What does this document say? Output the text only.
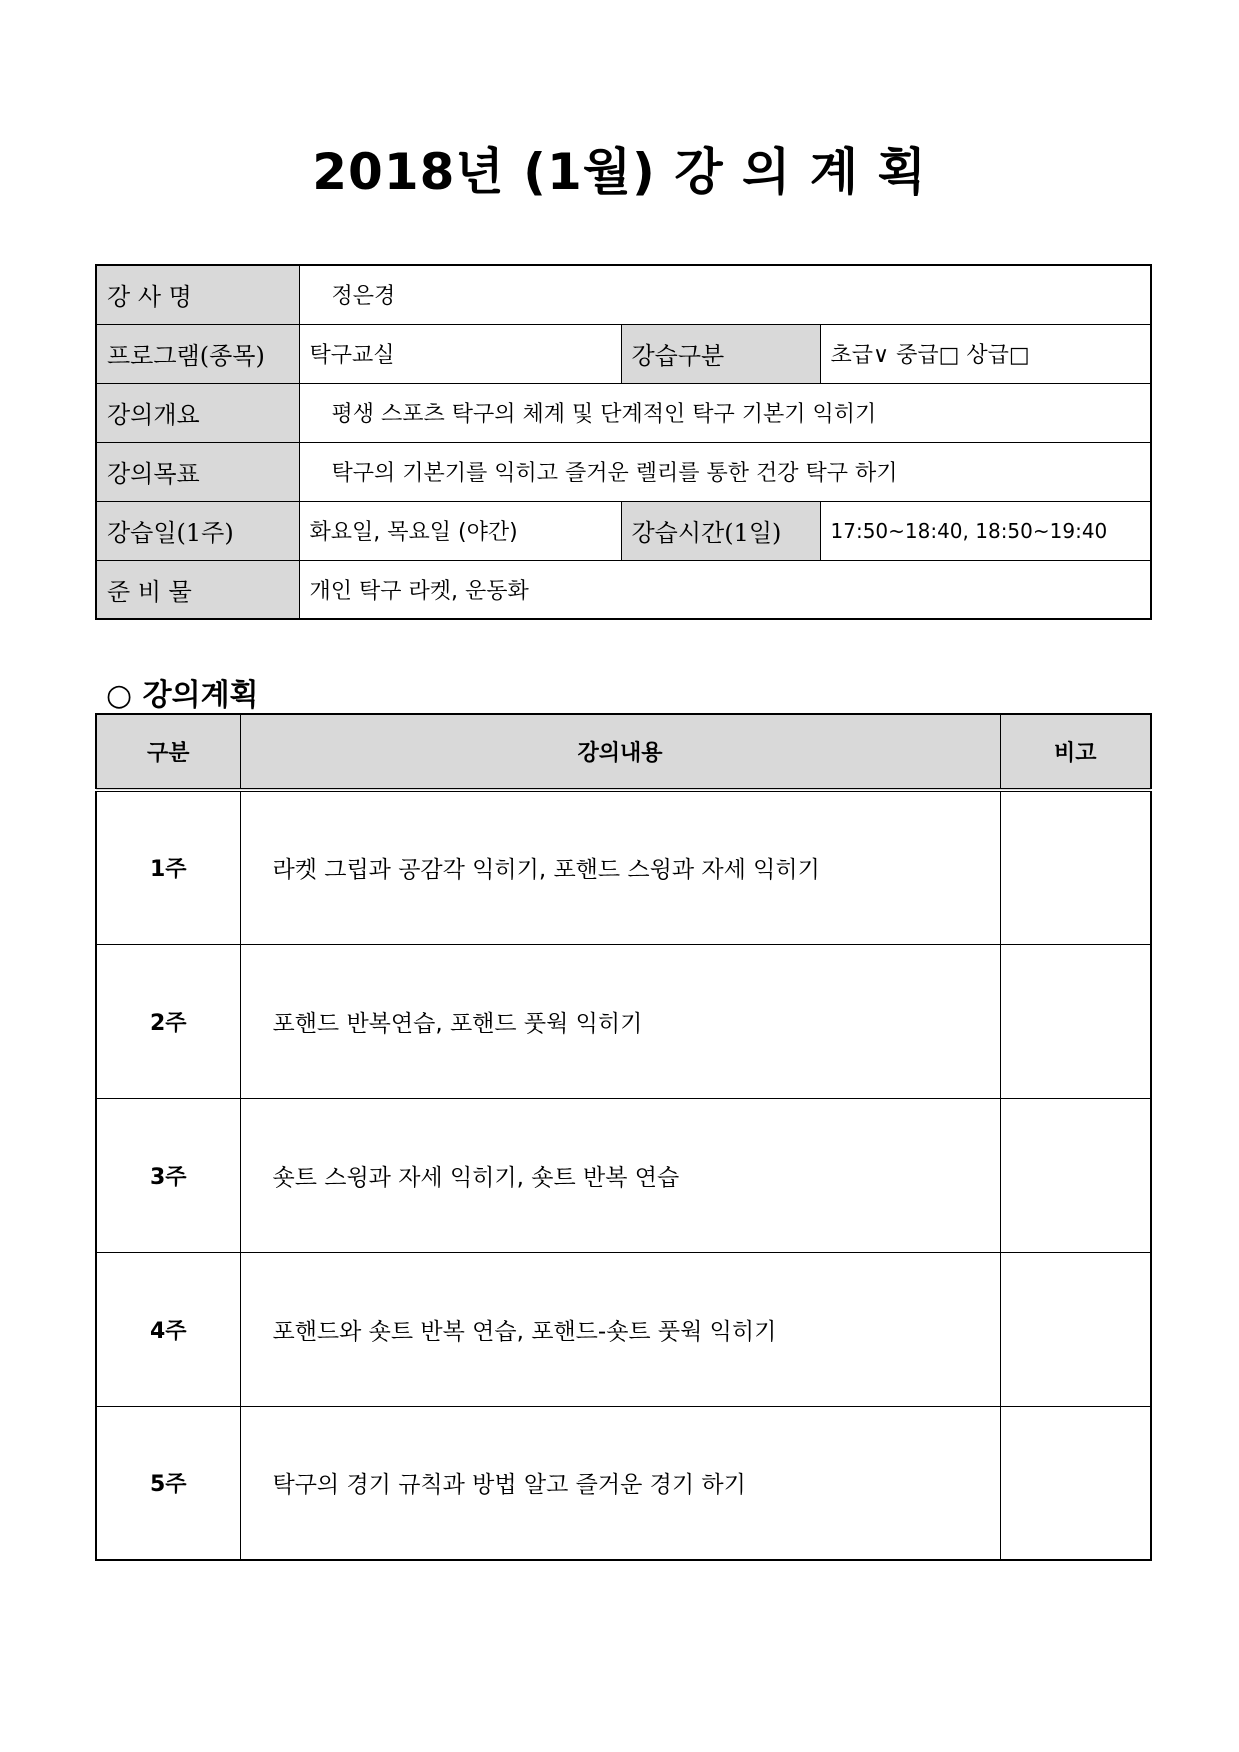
2018년 (1월) 강 의 계 획
강 사 명	정은경		
프로그램(종목)	탁구교실	강습구분	초급∨ 중급□ 상급□
강의개요	평생 스포츠 탁구의 체계 및 단계적인 탁구 기본기 익히기		
강의목표	탁구의 기본기를 익히고 즐거운 렐리를 통한 건강 탁구 하기		
강습일(1주)	화요일, 목요일 (야간)	강습시간(1일)	17:50~18:40, 18:50~19:40
준 비 물	개인 탁구 라켓, 운동화		
○ 강의계획
구분	강의내용	비고
1주	라켓 그립과 공감각 익히기, 포핸드 스윙과 자세 익히기	
2주	포핸드 반복연습, 포핸드 풋웍 익히기	
3주	숏트 스윙과 자세 익히기, 숏트 반복 연습	
4주	포핸드와 숏트 반복 연습, 포핸드-숏트 풋웍 익히기	
5주	탁구의 경기 규칙과 방법 알고 즐거운 경기 하기	
